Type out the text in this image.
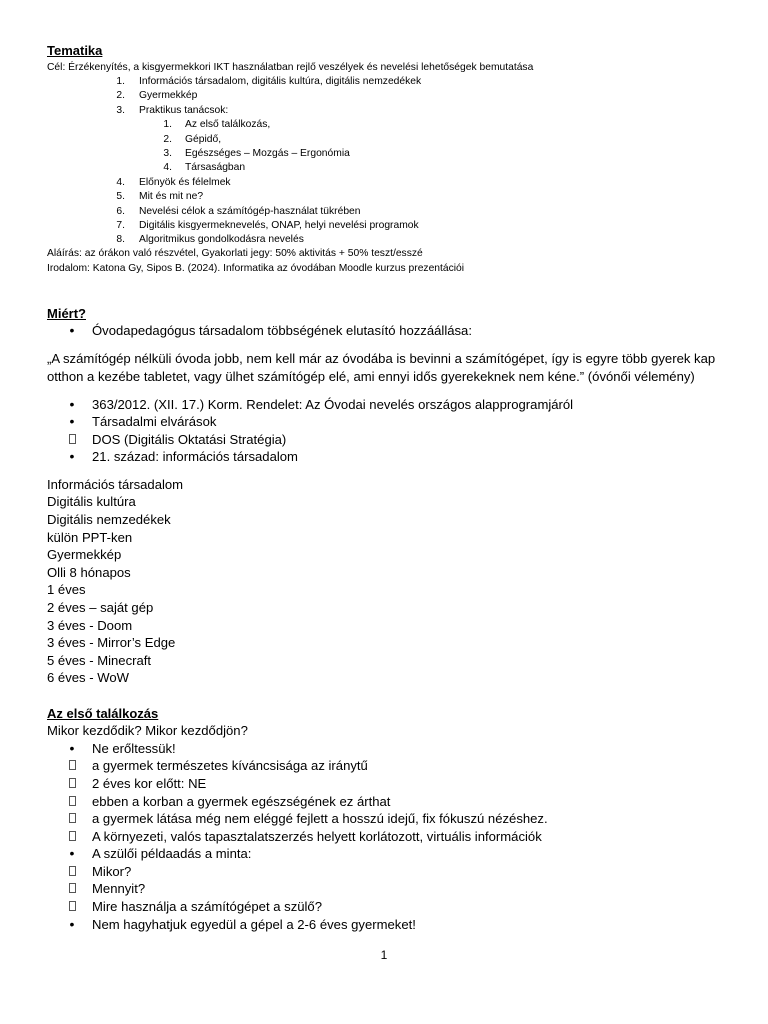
Tematika
Cél: Érzékenyítés, a kisgyermekkori IKT használatban rejlő veszélyek és nevelési lehetőségek bemutatása
1. Információs társadalom, digitális kultúra, digitális nemzedékek
2. Gyermekkép
3. Praktikus tanácsok:
1. Az első találkozás,
2. Gépidő,
3. Egészséges – Mozgás – Ergonómia
4. Társaságban
4. Előnyök és félelmek
5. Mit és mit ne?
6. Nevelési célok a számítógép-használat tükrében
7. Digitális kisgyermeknevelés, ONAP, helyi nevelési programok
8. Algoritmikus gondolkodásra nevelés
Aláírás: az órákon való részvétel, Gyakorlati jegy: 50% aktivitás + 50% teszt/esszé
Irodalom: Katona Gy, Sipos B. (2024). Informatika az óvodában Moodle kurzus prezentációi
Miért?
•
Óvodapedagógus társadalom többségének elutasító hozzáállása:
„A számítógép nélküli óvoda jobb, nem kell már az óvodába is bevinni a számítógépet, így is egyre több gyerek kap
otthon a kezébe tabletet, vagy ülhet számítógép elé, ami ennyi idős gyerekeknek nem kéne.” (óvónői vélemény)
•
363/2012. (XII. 17.) Korm. Rendelet: Az Óvodai nevelés országos alapprogramjáról
•
Társadalmi elvárások
DOS (Digitális Oktatási Stratégia)
•
21. század: információs társadalom
Információs társadalom
Digitális kultúra
Digitális nemzedékek
külön PPT-ken
Gyermekkép
Olli 8 hónapos
1 éves
2 éves – saját gép
3 éves - Doom
3 éves - Mirror’s Edge
5 éves - Minecraft
6 éves - WoW
Az első találkozás
Mikor kezdődik? Mikor kezdődjön?
•
Ne erőltessük!
a gyermek természetes kíváncsisága az iránytű
2 éves kor előtt: NE
ebben a korban a gyermek egészségének ez árthat
a gyermek látása még nem eléggé fejlett a hosszú idejű, fix fókuszú nézéshez.
A környezeti, valós tapasztalatszerzés helyett korlátozott, virtuális információk
•
A szülői példaadás a minta:
Mikor?
Mennyit?
Mire használja a számítógépet a szülő?
•
Nem hagyhatjuk egyedül a gépel a 2-6 éves gyermeket!
1
